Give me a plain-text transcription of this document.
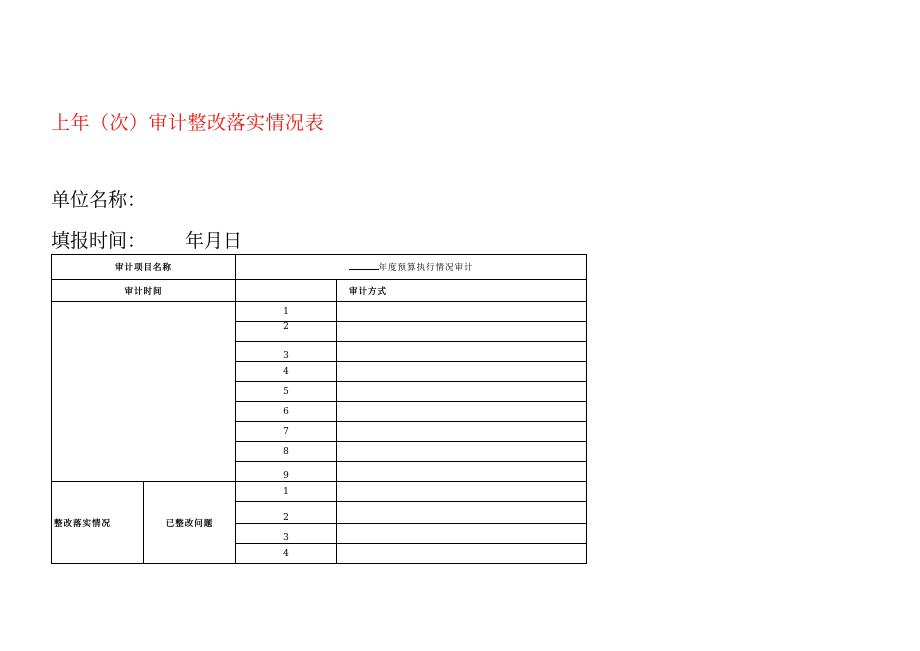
上年（次）审计整改落实情况表
单位名称：
填报时间： 年月日
审计项目名称		年度预算执行情况审计	
审计时间			审计方式
		1	
		2	
		3	
		4	
		5	
		6	
		7	
		8	
		9	
整改落实情况	已整改问题	1	
		2	
		3	
		4	
